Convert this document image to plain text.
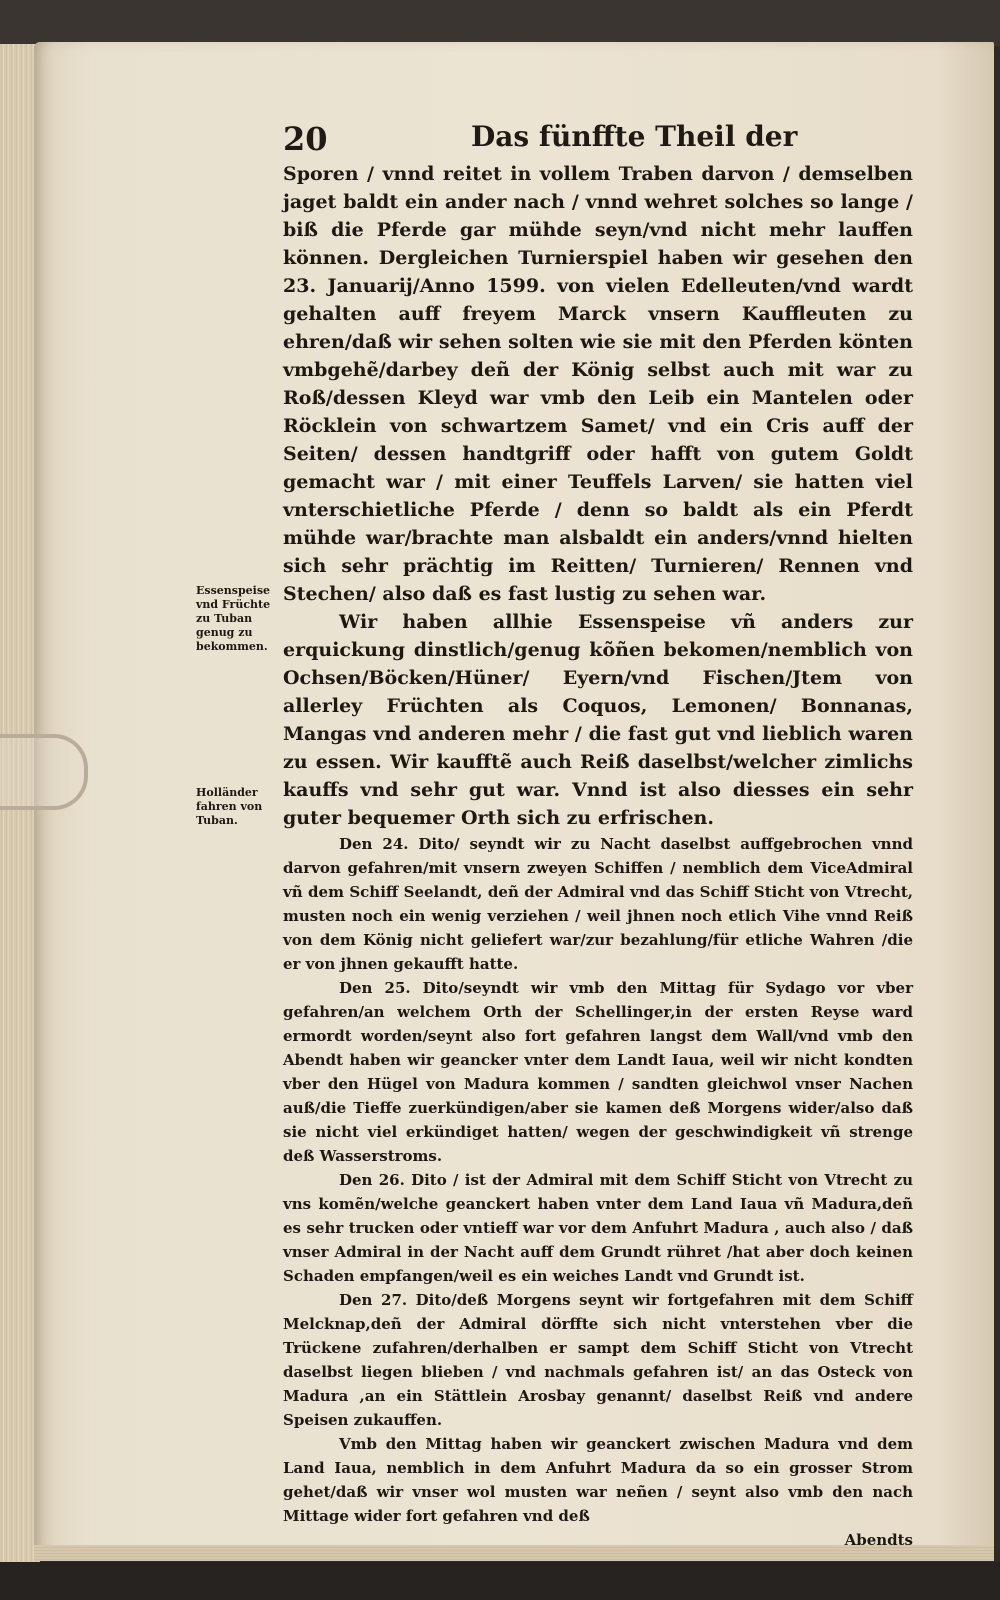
20	Das fünffte Theil der
Essenspeise vnd Früchte zu Tuban genug zu bekommen.
Holländer fahren von Tuban.

Sporen / vnnd reitet in vollem Traben darvon / demselben jaget baldt ein ander nach / vnnd wehret solches so lange / biß die Pferde gar mühde seyn/vnd nicht mehr lauffen können. Dergleichen Turnierspiel haben wir gesehen den 23. Januarij/Anno 1599. von vielen Edelleuten/vnd wardt gehalten auff freyem Marck vnsern Kauffleuten zu ehren/daß wir sehen solten wie sie mit den Pferden könten vmbgehẽ/darbey deñ der König selbst auch mit war zu Roß/dessen Kleyd war vmb den Leib ein Mantelen oder Röcklein von schwartzem Samet/ vnd ein Cris auff der Seiten/ dessen handtgriff oder hafft von gutem Goldt gemacht war / mit einer Teuffels Larven/ sie hatten viel vnterschietliche Pferde / denn so baldt als ein Pferdt mühde war/brachte man alsbaldt ein anders/vnnd hielten sich sehr prächtig im Reitten/ Turnieren/ Rennen vnd Stechen/ also daß es fast lustig zu sehen war.

Wir haben allhie Essenspeise vñ anders zur erquickung dinstlich/genug kõñen bekomen/nemblich von Ochsen/Böcken/Hüner/ Eyern/vnd Fischen/Jtem von allerley Früchten als Coquos, Lemonen/ Bonnanas, Mangas vnd anderen mehr / die fast gut vnd lieblich waren zu essen. Wir kaufftẽ auch Reiß daselbst/welcher zimlichs kauffs vnd sehr gut war. Vnnd ist also diesses ein sehr guter bequemer Orth sich zu erfrischen.

Den 24. Dito/ seyndt wir zu Nacht daselbst auffgebrochen vnnd darvon gefahren/mit vnsern zweyen Schiffen / nemblich dem ViceAdmiral vñ dem Schiff Seelandt, deñ der Admiral vnd das Schiff Sticht von Vtrecht, musten noch ein wenig verziehen / weil jhnen noch etlich Vihe vnnd Reiß von dem König nicht geliefert war/zur bezahlung/für etliche Wahren /die er von jhnen gekaufft hatte.

Den 25. Dito/seyndt wir vmb den Mittag für Sydago vor vber gefahren/an welchem Orth der Schellinger,in der ersten Reyse ward ermordt worden/seynt also fort gefahren langst dem Wall/vnd vmb den Abendt haben wir geancker vnter dem Landt Iaua, weil wir nicht kondten vber den Hügel von Madura kommen / sandten gleichwol vnser Nachen auß/die Tieffe zuerkündigen/aber sie kamen deß Morgens wider/also daß sie nicht viel erkündiget hatten/ wegen der geschwindigkeit vñ strenge deß Wasserstroms.

Den 26. Dito / ist der Admiral mit dem Schiff Sticht von Vtrecht zu vns komẽn/welche geanckert haben vnter dem Land Iaua vñ Madura,deñ es sehr trucken oder vntieff war vor dem Anfuhrt Madura , auch also / daß vnser Admiral in der Nacht auff dem Grundt rühret /hat aber doch keinen Schaden empfangen/weil es ein weiches Landt vnd Grundt ist.

Den 27. Dito/deß Morgens seynt wir fortgefahren mit dem Schiff Melcknap,deñ der Admiral dörffte sich nicht vnterstehen vber die Trückene zufahren/derhalben er sampt dem Schiff Sticht von Vtrecht daselbst liegen blieben / vnd nachmals gefahren ist/ an das Osteck von Madura ,an ein Stättlein Arosbay genannt/ daselbst Reiß vnd andere Speisen zukauffen.

Vmb den Mittag haben wir geanckert zwischen Madura vnd dem Land Iaua, nemblich in dem Anfuhrt Madura da so ein grosser Strom gehet/daß wir vnser wol musten war neñen / seynt also vmb den nach Mittage wider fort gefahren vnd deß

Abendts
